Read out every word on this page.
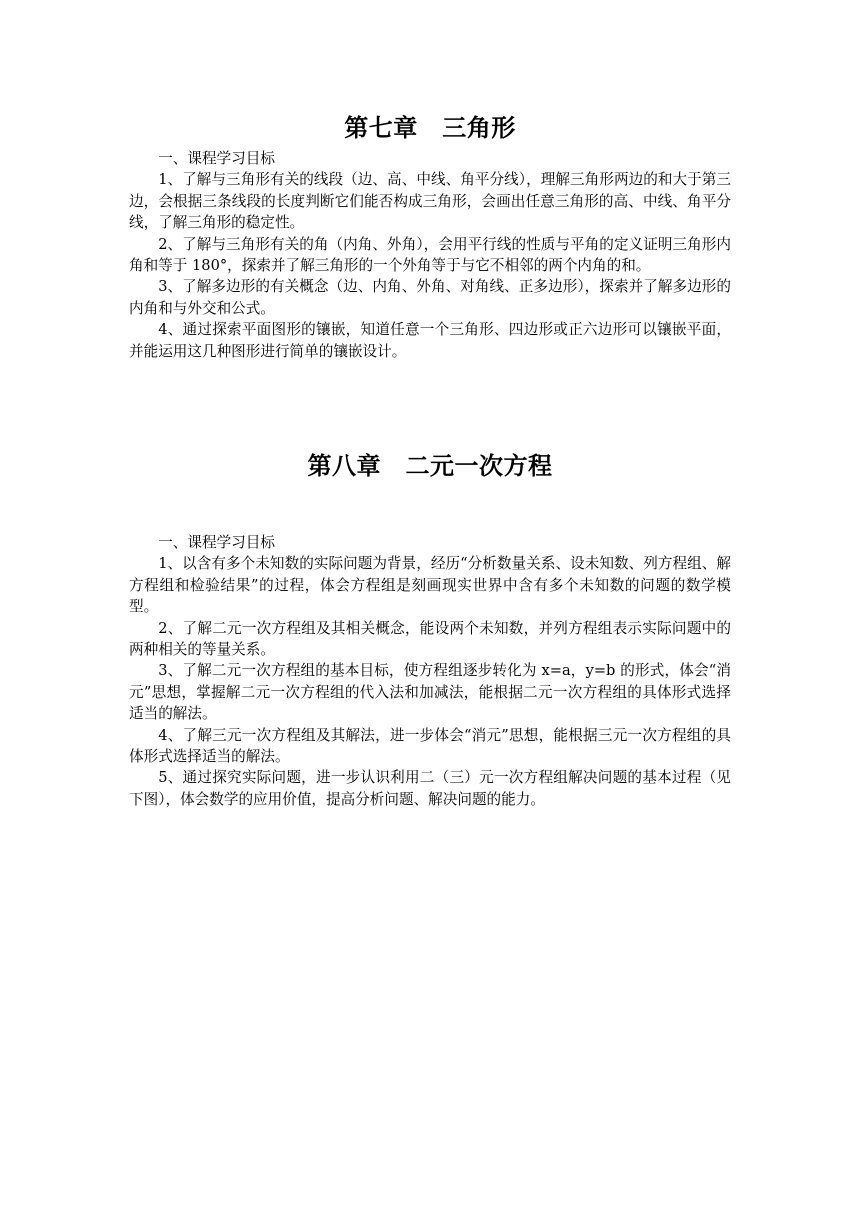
第七章　三角形

一、课程学习目标

1、了解与三角形有关的线段（边、高、中线、角平分线），理解三角形两边的和大于第三边，会根据三条线段的长度判断它们能否构成三角形，会画出任意三角形的高、中线、角平分线，了解三角形的稳定性。

2、了解与三角形有关的角（内角、外角），会用平行线的性质与平角的定义证明三角形内角和等于 180°，探索并了解三角形的一个外角等于与它不相邻的两个内角的和。

3、了解多边形的有关概念（边、内角、外角、对角线、正多边形），探索并了解多边形的内角和与外交和公式。

4、通过探索平面图形的镶嵌，知道任意一个三角形、四边形或正六边形可以镶嵌平面，并能运用这几种图形进行简单的镶嵌设计。

第八章　二元一次方程

一、课程学习目标

1、以含有多个未知数的实际问题为背景，经历“分析数量关系、设未知数、列方程组、解方程组和检验结果”的过程，体会方程组是刻画现实世界中含有多个未知数的问题的数学模型。

2、了解二元一次方程组及其相关概念，能设两个未知数，并列方程组表示实际问题中的两种相关的等量关系。

3、了解二元一次方程组的基本目标，使方程组逐步转化为 x=a，y=b 的形式，体会“消元”思想，掌握解二元一次方程组的代入法和加减法，能根据二元一次方程组的具体形式选择适当的解法。

4、了解三元一次方程组及其解法，进一步体会“消元”思想，能根据三元一次方程组的具体形式选择适当的解法。

5、通过探究实际问题，进一步认识利用二（三）元一次方程组解决问题的基本过程（见下图），体会数学的应用价值，提高分析问题、解决问题的能力。
